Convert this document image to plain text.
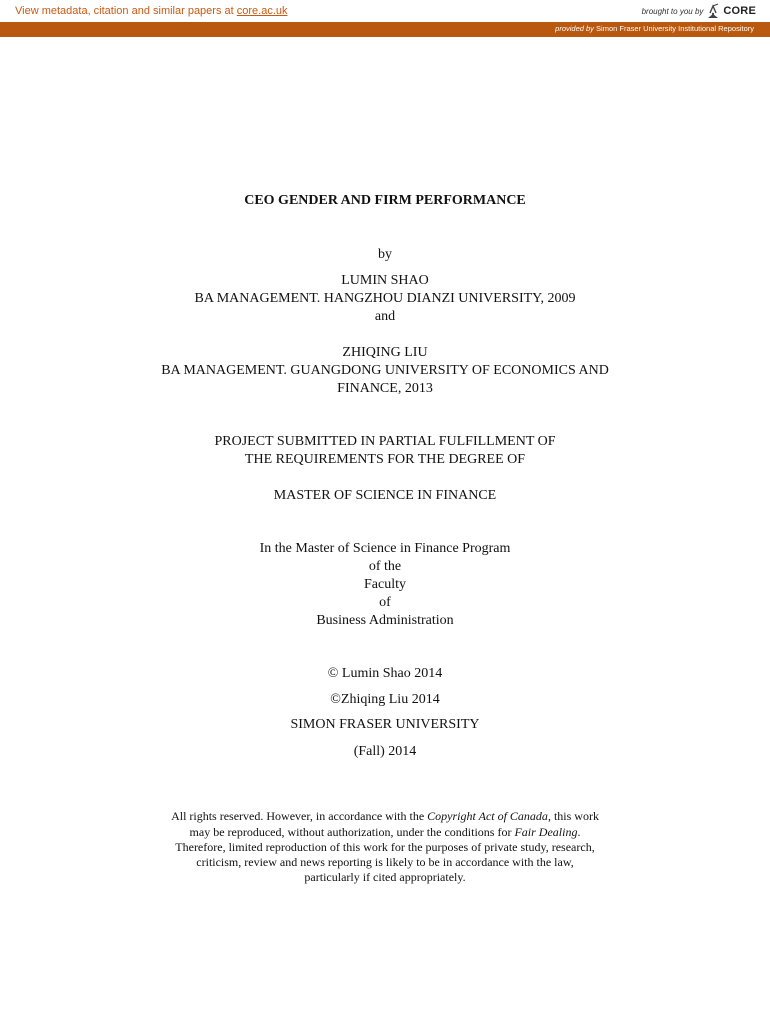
View metadata, citation and similar papers at core.ac.uk	brought to you by CORE
provided by Simon Fraser University Institutional Repository
CEO GENDER AND FIRM PERFORMANCE
by
LUMIN SHAO
BA MANAGEMENT. HANGZHOU DIANZI UNIVERSITY, 2009
and
ZHIQING LIU
BA MANAGEMENT. GUANGDONG UNIVERSITY OF ECONOMICS AND
FINANCE, 2013
PROJECT SUBMITTED IN PARTIAL FULFILLMENT OF
THE REQUIREMENTS FOR THE DEGREE OF
MASTER OF SCIENCE IN FINANCE
In the Master of Science in Finance Program
of the
Faculty
of
Business Administration
© Lumin Shao 2014
©Zhiqing Liu 2014
SIMON FRASER UNIVERSITY
(Fall) 2014
All rights reserved. However, in accordance with the Copyright Act of Canada, this work
may be reproduced, without authorization, under the conditions for Fair Dealing.
Therefore, limited reproduction of this work for the purposes of private study, research,
criticism, review and news reporting is likely to be in accordance with the law,
particularly if cited appropriately.
